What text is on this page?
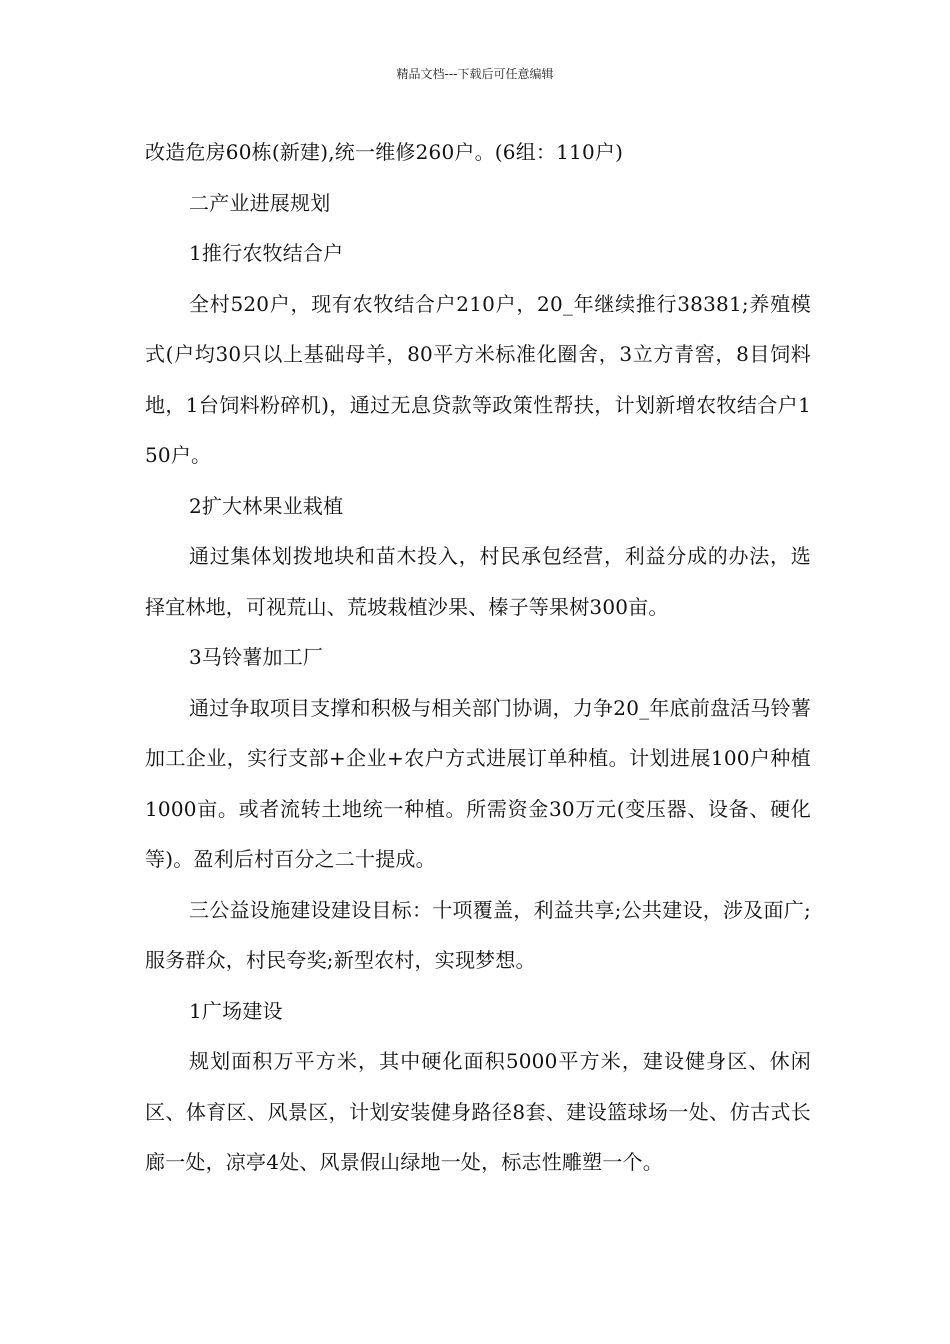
精品文档---下载后可任意编辑

改造危房60栋(新建),统一维修260户。(6组：110户)

二产业进展规划

1推行农牧结合户

全村520户，现有农牧结合户210户，20_年继续推行38381;养殖模式(户均30只以上基础母羊，80平方米标准化圈舍，3立方青窖，8目饲料地，1台饲料粉碎机)，通过无息贷款等政策性帮扶，计划新增农牧结合户150户。

2扩大林果业栽植

通过集体划拨地块和苗木投入，村民承包经营，利益分成的办法，选择宜林地，可视荒山、荒坡栽植沙果、榛子等果树300亩。

3马铃薯加工厂

通过争取项目支撑和积极与相关部门协调，力争20_年底前盘活马铃薯加工企业，实行支部+企业+农户方式进展订单种植。计划进展100户种植1000亩。或者流转土地统一种植。所需资金30万元(变压器、设备、硬化等)。盈利后村百分之二十提成。

三公益设施建设建设目标：十项覆盖，利益共享;公共建设，涉及面广;服务群众，村民夸奖;新型农村，实现梦想。

1广场建设

规划面积万平方米，其中硬化面积5000平方米，建设健身区、休闲区、体育区、风景区，计划安装健身路径8套、建设篮球场一处、仿古式长廊一处，凉亭4处、风景假山绿地一处，标志性雕塑一个。
